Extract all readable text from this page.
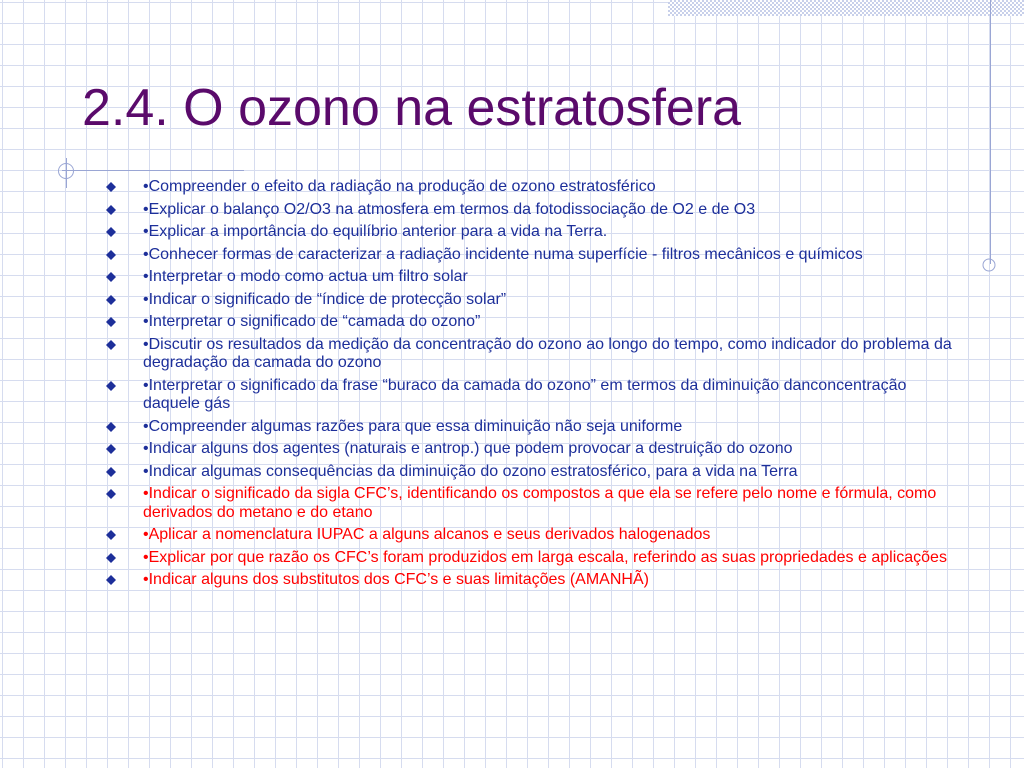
2.4. O ozono na estratosfera
•Compreender o efeito da radiação na produção de ozono estratosférico
•Explicar o balanço O2/O3 na atmosfera em termos da fotodissociação de O2 e de O3
•Explicar a importância do equilíbrio anterior para a vida na Terra.
•Conhecer formas de caracterizar a radiação incidente numa superfície - filtros mecânicos e químicos
•Interpretar o modo como actua um filtro solar
•Indicar o significado de “índice de protecção solar”
•Interpretar o significado de “camada do ozono”
•Discutir os resultados da medição da concentração do ozono ao longo do tempo, como indicador do problema da degradação da camada do ozono
•Interpretar o significado da frase “buraco da camada do ozono” em termos da diminuição danconcentração daquele gás
•Compreender algumas razões para que essa diminuição não seja uniforme
•Indicar alguns dos agentes (naturais e antrop.) que podem provocar a destruição do ozono
•Indicar algumas consequências da diminuição do ozono estratosférico, para a vida na Terra
•Indicar o significado da sigla CFC’s, identificando os compostos a que ela se refere pelo nome e fórmula, como derivados do metano e do etano
•Aplicar a nomenclatura IUPAC a alguns alcanos e seus derivados halogenados
•Explicar por que razão os CFC’s foram produzidos em larga escala, referindo as suas propriedades e aplicações
•Indicar alguns dos substitutos dos CFC’s e suas limitações (AMANHÃ)
